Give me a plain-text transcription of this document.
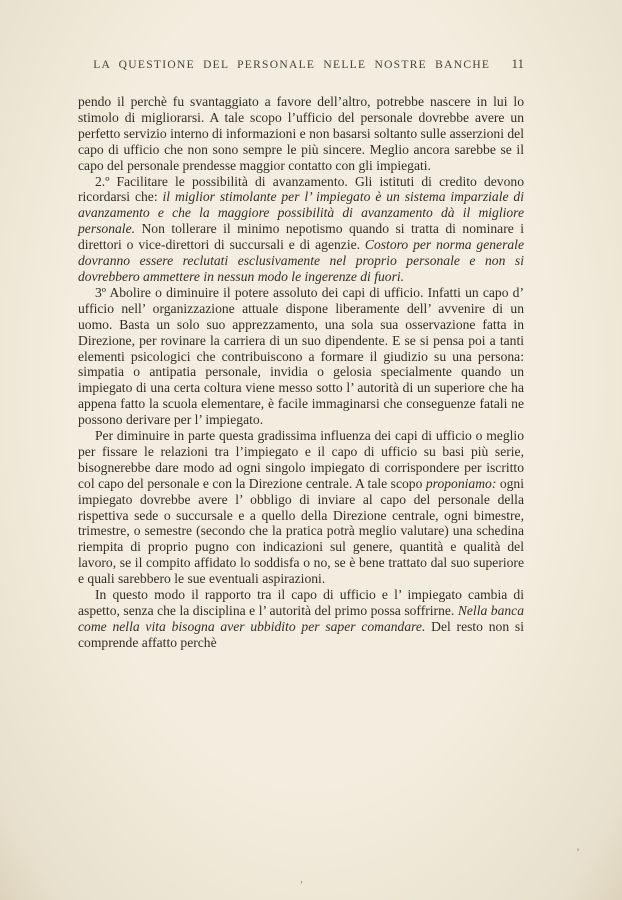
LA QUESTIONE DEL PERSONALE NELLE NOSTRE BANCHE	11

pendo il perchè fu svantaggiato a favore dell’altro, potrebbe nascere in lui lo stimolo di migliorarsi. A tale scopo l’ufficio del personale dovrebbe avere un perfetto servizio interno di informazioni e non basarsi soltanto sulle asserzioni del capo di ufficio che non sono sempre le più sincere. Meglio ancora sarebbe se il capo del personale prendesse maggior contatto con gli impiegati.

2.º Facilitare le possibilità di avanzamento. Gli istituti di credito devono ricordarsi che: il miglior stimolante per l’ impiegato è un sistema imparziale di avanzamento e che la maggiore possibilità di avanzamento dà il migliore personale. Non tollerare il minimo nepotismo quando si tratta di nominare i direttori o vice-direttori di succursali e di agenzie. Costoro per norma generale dovranno essere reclutati esclusivamente nel proprio personale e non si dovrebbero ammettere in nessun modo le ingerenze di fuori.

3º Abolire o diminuire il potere assoluto dei capi di ufficio. Infatti un capo d’ ufficio nell’ organizzazione attuale dispone liberamente dell’ avvenire di un uomo. Basta un solo suo apprezzamento, una sola sua osservazione fatta in Direzione, per rovinare la carriera di un suo dipendente. E se si pensa poi a tanti elementi psicologici che contribuiscono a formare il giudizio su una persona: simpatia o antipatia personale, invidia o gelosia specialmente quando un impiegato di una certa coltura viene messo sotto l’ autorità di un superiore che ha appena fatto la scuola elementare, è facile immaginarsi che conseguenze fatali ne possono derivare per l’ impiegato.

Per diminuire in parte questa gradissima influenza dei capi di ufficio o meglio per fissare le relazioni tra l’impiegato e il capo di ufficio su basi più serie, bisognerebbe dare modo ad ogni singolo impiegato di corrispondere per iscritto col capo del personale e con la Direzione centrale. A tale scopo proponiamo: ogni impiegato dovrebbe avere l’ obbligo di inviare al capo del personale della rispettiva sede o succursale e a quello della Direzione centrale, ogni bimestre, trimestre, o semestre (secondo che la pratica potrà meglio valutare) una schedina riempita di proprio pugno con indicazioni sul genere, quantità e qualità del lavoro, se il compito affidato lo soddisfa o no, se è bene trattato dal suo superiore e quali sarebbero le sue eventuali aspirazioni.

In questo modo il rapporto tra il capo di ufficio e l’ impiegato cambia di aspetto, senza che la disciplina e l’ autorità del primo possa soffrirne. Nella banca come nella vita bisogna aver ubbidito per saper comandare. Del resto non si comprende affatto perchè

’
,
